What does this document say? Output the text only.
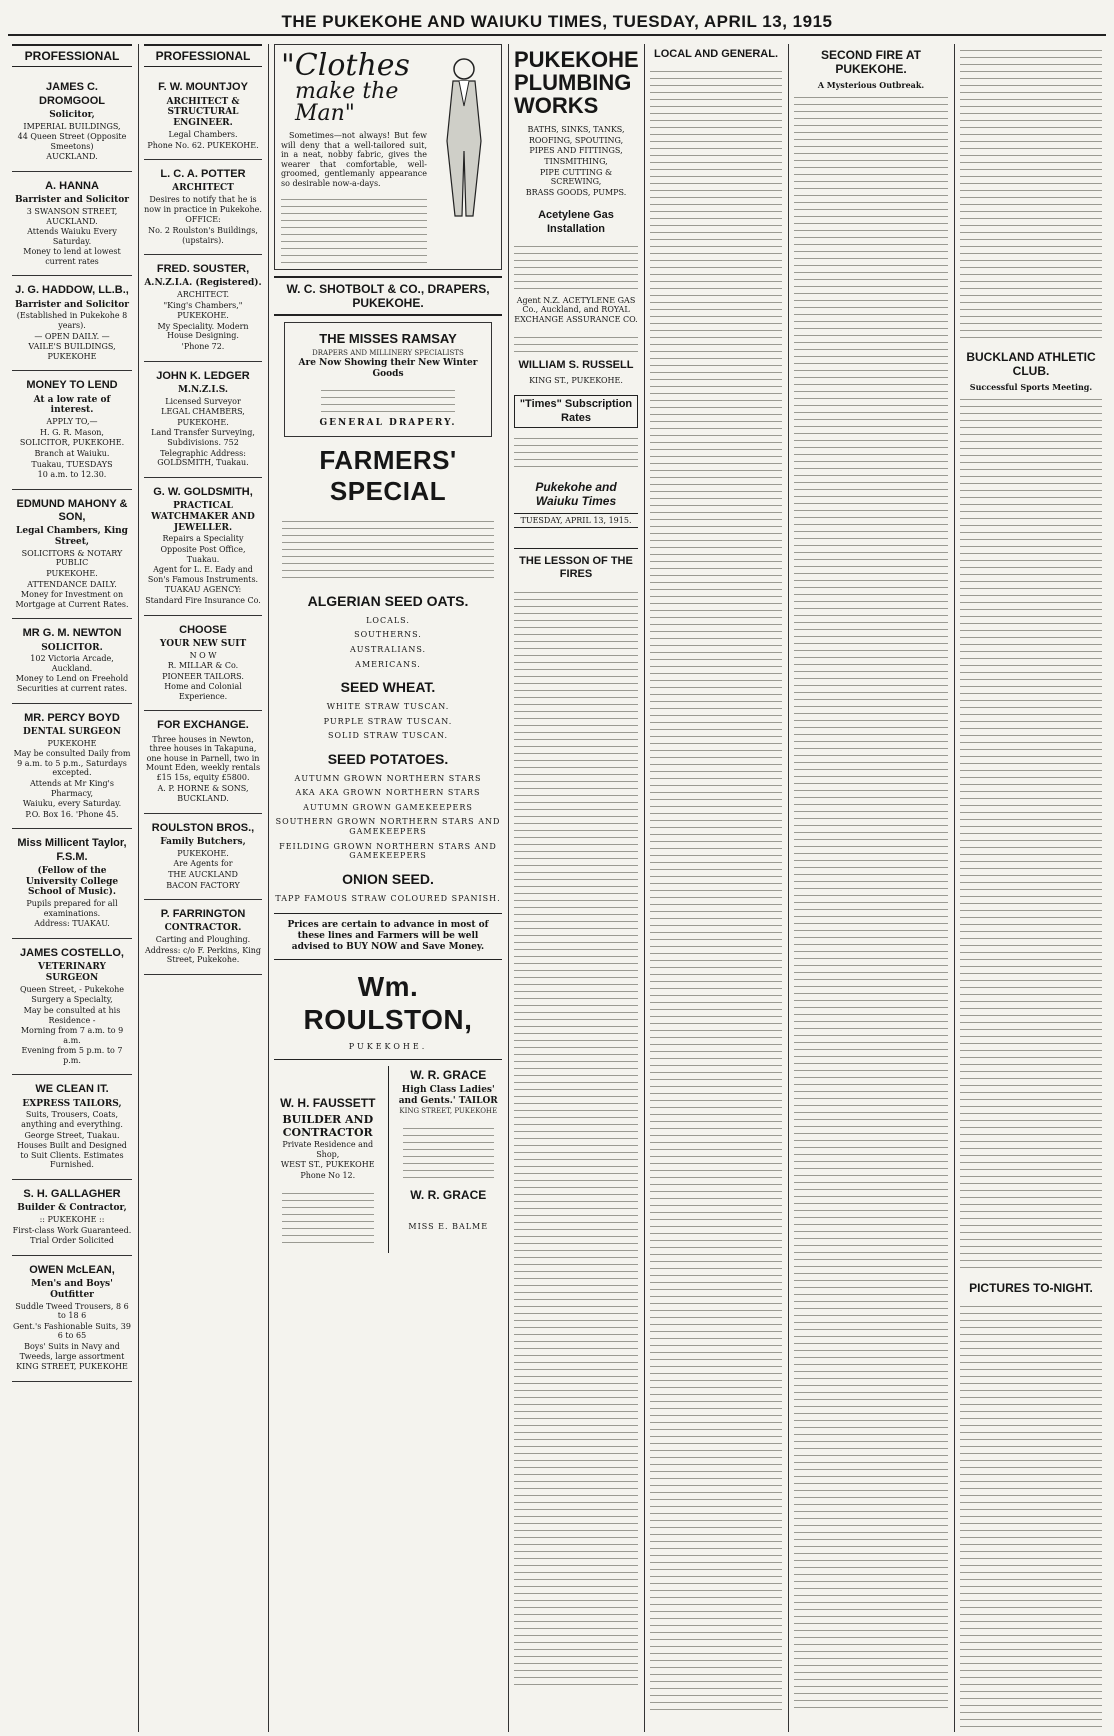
THE PUKEKOHE AND WAIUKU TIMES, TUESDAY, APRIL 13, 1915
PROFESSIONAL
JAMES C. DROMGOOL
Solicitor,
IMPERIAL BUILDINGS,
44 Queen Street (Opposite Smeetons)
AUCKLAND.
A. HANNA
Barrister and Solicitor
3 SWANSON STREET, AUCKLAND.
Attends Waiuku Every Saturday.
Money to lend at lowest current rates
J. G. HADDOW, LL.B.,
Barrister and Solicitor
(Established in Pukekohe 8 years).
— OPEN DAILY. —
VAILE'S BUILDINGS, PUKEKOHE
MONEY TO LEND
At a low rate of interest.
APPLY TO,—
H. G. R. Mason,
SOLICITOR, PUKEKOHE.
Branch at Waiuku.
Tuakau, TUESDAYS
10 a.m. to 12.30.
EDMUND MAHONY & SON,
Legal Chambers, King Street,
SOLICITORS & NOTARY PUBLIC
PUKEKOHE.
ATTENDANCE DAILY.
Money for Investment on Mortgage at Current Rates.
MR G. M. NEWTON
SOLICITOR.
102 Victoria Arcade, Auckland.
Money to Lend on Freehold Securities at current rates.
MR. PERCY BOYD
DENTAL SURGEON
PUKEKOHE
May be consulted Daily from 9 a.m. to 5 p.m., Saturdays excepted.
Attends at Mr King's Pharmacy,
Waiuku, every Saturday.
P.O. Box 16. 'Phone 45.
Miss Millicent Taylor, F.S.M.
(Fellow of the University College School of Music).
Pupils prepared for all examinations.
Address: TUAKAU.
JAMES COSTELLO,
VETERINARY SURGEON
Queen Street, - Pukekohe
Surgery a Specialty,
May be consulted at his Residence -
Morning from 7 a.m. to 9 a.m.
Evening from 5 p.m. to 7 p.m.
WE CLEAN IT.
EXPRESS TAILORS,
Suits, Trousers, Coats, anything and everything.
George Street, Tuakau.
Houses Built and Designed to Suit Clients. Estimates Furnished.
S. H. GALLAGHER
Builder & Contractor,
:: PUKEKOHE ::
First-class Work Guaranteed.
Trial Order Solicited
OWEN McLEAN,
Men's and Boys' Outfitter
Suddle Tweed Trousers, 8 6 to 18 6
Gent.'s Fashionable Suits, 39 6 to 65
Boys' Suits in Navy and Tweeds, large assortment
KING STREET, PUKEKOHE
PROFESSIONAL
F. W. MOUNTJOY
ARCHITECT & STRUCTURAL ENGINEER.
Legal Chambers.
Phone No. 62. PUKEKOHE.
L. C. A. POTTER
ARCHITECT
Desires to notify that he is now in practice in Pukekohe.
OFFICE:
No. 2 Roulston's Buildings, (upstairs).
FRED. SOUSTER,
A.N.Z.I.A. (Registered).
ARCHITECT.
"King's Chambers,"
PUKEKOHE.
My Speciality. Modern House Designing.
'Phone 72.
JOHN K. LEDGER
M.N.Z.I.S.
Licensed Surveyor
LEGAL CHAMBERS,
PUKEKOHE.
Land Transfer Surveying, Subdivisions. 752
Telegraphic Address: GOLDSMITH, Tuakau.
G. W. GOLDSMITH,
PRACTICAL WATCHMAKER AND JEWELLER.
Repairs a Speciality
Opposite Post Office, Tuakau.
Agent for L. E. Eady and Son's Famous Instruments.
TUAKAU AGENCY:
Standard Fire Insurance Co.
CHOOSE
YOUR NEW SUIT
N O W
R. MILLAR & Co.
PIONEER TAILORS.
Home and Colonial Experience.
FOR EXCHANGE.
Three houses in Newton, three houses in Takapuna, one house in Parnell, two in Mount Eden, weekly rentals £15 15s, equity £5800.
A. P. HORNE & SONS,
BUCKLAND.
ROULSTON BROS.,
Family Butchers,
PUKEKOHE.
Are Agents for
THE AUCKLAND
BACON FACTORY
P. FARRINGTON
CONTRACTOR.
Carting and Ploughing.
Address: c/o F. Perkins, King Street, Pukekohe.
"Clothes
make the Man"
Sometimes—not always! But few will deny that a well-tailored suit, in a neat, nobby fabric, gives the wearer that comfortable, well-groomed, gentlemanly appearance so desirable now-a-days.
W. C. SHOTBOLT & CO., DRAPERS, PUKEKOHE.
THE MISSES RAMSAY
DRAPERS AND MILLINERY SPECIALISTS
Are Now Showing their New Winter Goods
GENERAL DRAPERY.
FARMERS' SPECIAL
ALGERIAN SEED OATS.
LOCALS.
SOUTHERNS.
AUSTRALIANS.
AMERICANS.
SEED WHEAT.
WHITE STRAW TUSCAN.
PURPLE STRAW TUSCAN.
SOLID STRAW TUSCAN.
SEED POTATOES.
AUTUMN GROWN NORTHERN STARS
AKA AKA GROWN NORTHERN STARS
AUTUMN GROWN GAMEKEEPERS
SOUTHERN GROWN NORTHERN STARS AND GAMEKEEPERS
FEILDING GROWN NORTHERN STARS AND GAMEKEEPERS
ONION SEED.
TAPP FAMOUS STRAW COLOURED SPANISH.
Prices are certain to advance in most of these lines and Farmers will be well advised to BUY NOW and Save Money.
Wm. ROULSTON,
PUKEKOHE.
W. H. FAUSSETT
BUILDER AND CONTRACTOR
Private Residence and Shop,
WEST ST., PUKEKOHE
Phone No 12.
W. R. GRACE
High Class Ladies' and Gents.' TAILOR
KING STREET, PUKEKOHE
W. R. GRACE
MISS E. BALME
PUKEKOHE PLUMBING WORKS
BATHS, SINKS, TANKS,
ROOFING, SPOUTING,
PIPES AND FITTINGS,
TINSMITHING,
PIPE CUTTING & SCREWING,
BRASS GOODS, PUMPS.
Acetylene Gas Installation
Agent N.Z. ACETYLENE GAS Co., Auckland, and ROYAL EXCHANGE ASSURANCE CO.
WILLIAM S. RUSSELL
KING ST., PUKEKOHE.
"Times" Subscription Rates
Pukekohe and Waiuku Times
TUESDAY, APRIL 13, 1915.
THE LESSON OF THE FIRES
LOCAL AND GENERAL.	SECOND FIRE AT PUKEKOHE.
A Mysterious Outbreak.
BUCKLAND ATHLETIC CLUB.
Successful Sports Meeting.
PICTURES TO-NIGHT.
